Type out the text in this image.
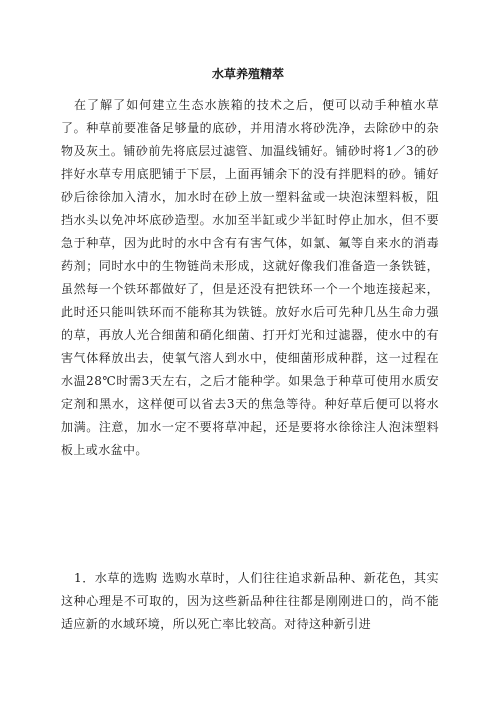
水草养殖精萃

在了解了如何建立生态水族箱的技术之后，便可以动手种植水草了。种草前要准备足够量的底砂，并用清水将砂洗净，去除砂中的杂物及灰土。铺砂前先将底层过滤管、加温线铺好。铺砂时将1／3的砂拌好水草专用底肥铺于下层，上面再铺余下的没有拌肥料的砂。铺好砂后徐徐加入清水，加水时在砂上放一塑料盆或一块泡沫塑料板，阻挡水头以免冲坏底砂造型。水加至半缸或少半缸时停止加水，但不要急于种草，因为此时的水中含有有害气体，如氯、氟等自来水的消毒药剂；同时水中的生物链尚未形成，这就好像我们准备造一条铁链，虽然每一个铁环都做好了，但是还没有把铁环一个一个地连接起来，此时还只能叫铁环而不能称其为铁链。放好水后可先种几丛生命力强的草，再放人光合细菌和硝化细菌、打开灯光和过滤器，使水中的有害气体释放出去，使氧气溶人到水中，使细菌形成种群，这一过程在水温28℃时需3天左右，之后才能种学。如果急于种草可使用水质安定剂和黑水，这样便可以省去3天的焦急等待。种好草后便可以将水加满。注意，加水一定不要将草冲起，还是要将水徐徐注人泡沫塑料板上或水盆中。

1．水草的选购 选购水草时，人们往往追求新品种、新花色，其实这种心理是不可取的，因为这些新品种往往都是刚刚进口的，尚不能适应新的水域环境，所以死亡率比较高。对待这种新引进
